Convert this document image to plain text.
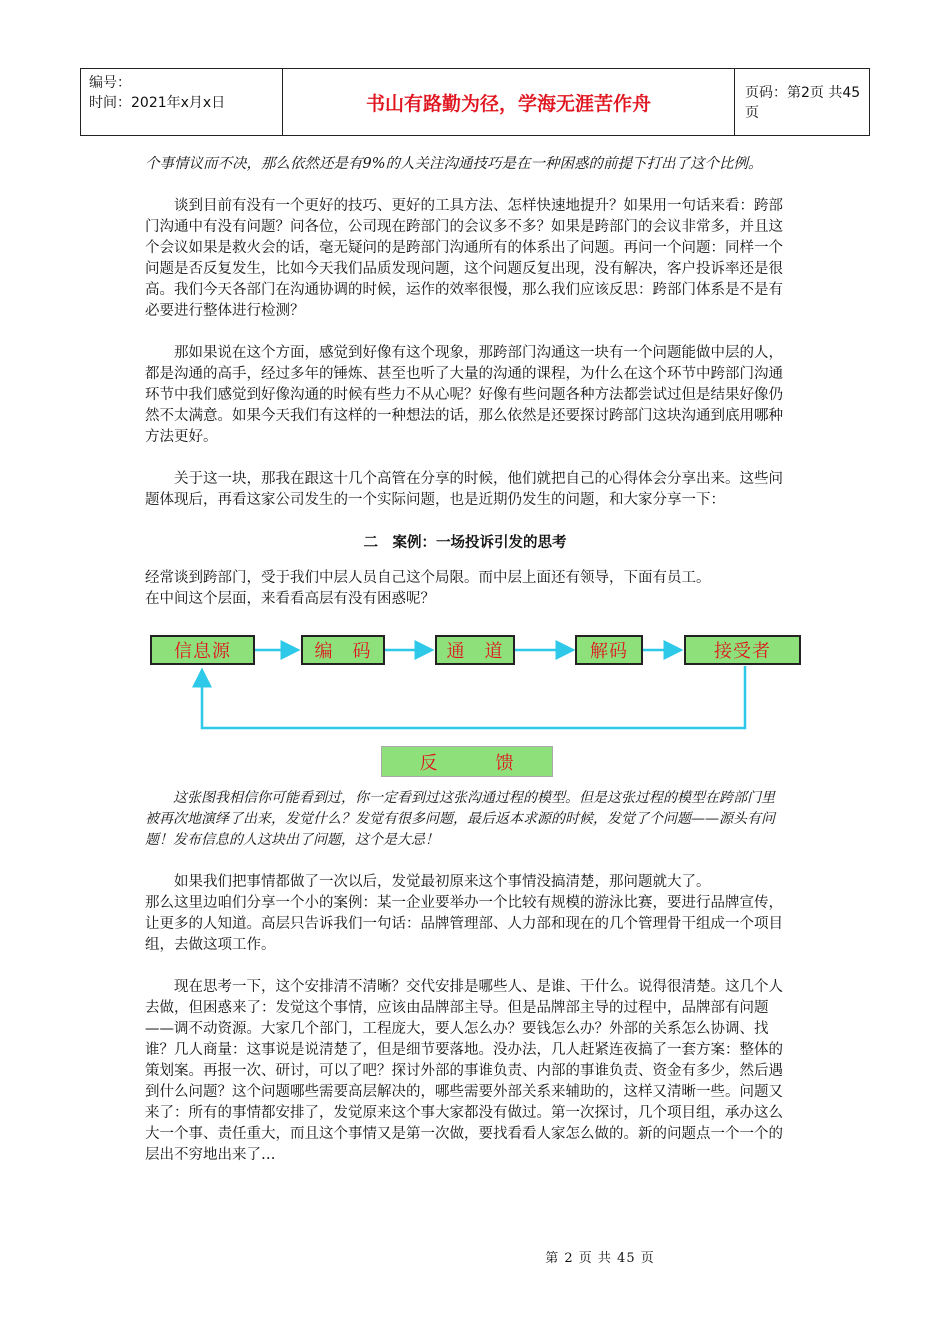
编号：
时间：2021年x月x日	书山有路勤为径，学海无涯苦作舟	页码：第2页 共45页

个事情议而不决，那么依然还是有9%的人关注沟通技巧是在一种困惑的前提下打出了这个比例。

谈到目前有没有一个更好的技巧、更好的工具方法、怎样快速地提升？如果用一句话来看：跨部门沟通中有没有问题？问各位，公司现在跨部门的会议多不多？如果是跨部门的会议非常多，并且这个会议如果是救火会的话，毫无疑问的是跨部门沟通所有的体系出了问题。再问一个问题：同样一个问题是否反复发生，比如今天我们品质发现问题，这个问题反复出现，没有解决，客户投诉率还是很高。我们今天各部门在沟通协调的时候，运作的效率很慢，那么我们应该反思：跨部门体系是不是有必要进行整体进行检测？

那如果说在这个方面，感觉到好像有这个现象，那跨部门沟通这一块有一个问题能做中层的人，都是沟通的高手，经过多年的锤炼、甚至也听了大量的沟通的课程，为什么在这个环节中跨部门沟通环节中我们感觉到好像沟通的时候有些力不从心呢？好像有些问题各种方法都尝试过但是结果好像仍然不太满意。如果今天我们有这样的一种想法的话，那么依然是还要探讨跨部门这块沟通到底用哪种方法更好。

关于这一块，那我在跟这十几个高管在分享的时候，他们就把自己的心得体会分享出来。这些问题体现后，再看这家公司发生的一个实际问题，也是近期仍发生的问题，和大家分享一下：

二　案例：一场投诉引发的思考

经常谈到跨部门，受于我们中层人员自己这个局限。而中层上面还有领导，下面有员工。

在中间这个层面，来看看高层有没有困惑呢？

信息源	编　码	通　道	解码	接受者
反　　　馈

这张图我相信你可能看到过，你一定看到过这张沟通过程的模型。但是这张过程的模型在跨部门里被再次地演绎了出来，发觉什么？发觉有很多问题，最后返本求源的时候，发觉了个问题——源头有问题！发布信息的人这块出了问题，这个是大忌！

如果我们把事情都做了一次以后，发觉最初原来这个事情没搞清楚，那问题就大了。

那么这里边咱们分享一个小的案例：某一企业要举办一个比较有规模的游泳比赛，要进行品牌宣传，让更多的人知道。高层只告诉我们一句话：品牌管理部、人力部和现在的几个管理骨干组成一个项目组，去做这项工作。

现在思考一下，这个安排清不清晰？交代安排是哪些人、是谁、干什么。说得很清楚。这几个人去做，但困惑来了：发觉这个事情，应该由品牌部主导。但是品牌部主导的过程中，品牌部有问题——调不动资源。大家几个部门，工程庞大，要人怎么办？要钱怎么办？外部的关系怎么协调、找谁？几人商量：这事说是说清楚了，但是细节要落地。没办法，几人赶紧连夜搞了一套方案：整体的策划案。再报一次、研讨，可以了吧？探讨外部的事谁负责、内部的事谁负责、资金有多少，然后遇到什么问题？这个问题哪些需要高层解决的，哪些需要外部关系来辅助的，这样又清晰一些。问题又来了：所有的事情都安排了，发觉原来这个事大家都没有做过。第一次探讨，几个项目组，承办这么大一个事、责任重大，而且这个事情又是第一次做，要找看看人家怎么做的。新的问题点一个一个的层出不穷地出来了…

第 2 页 共 45 页
